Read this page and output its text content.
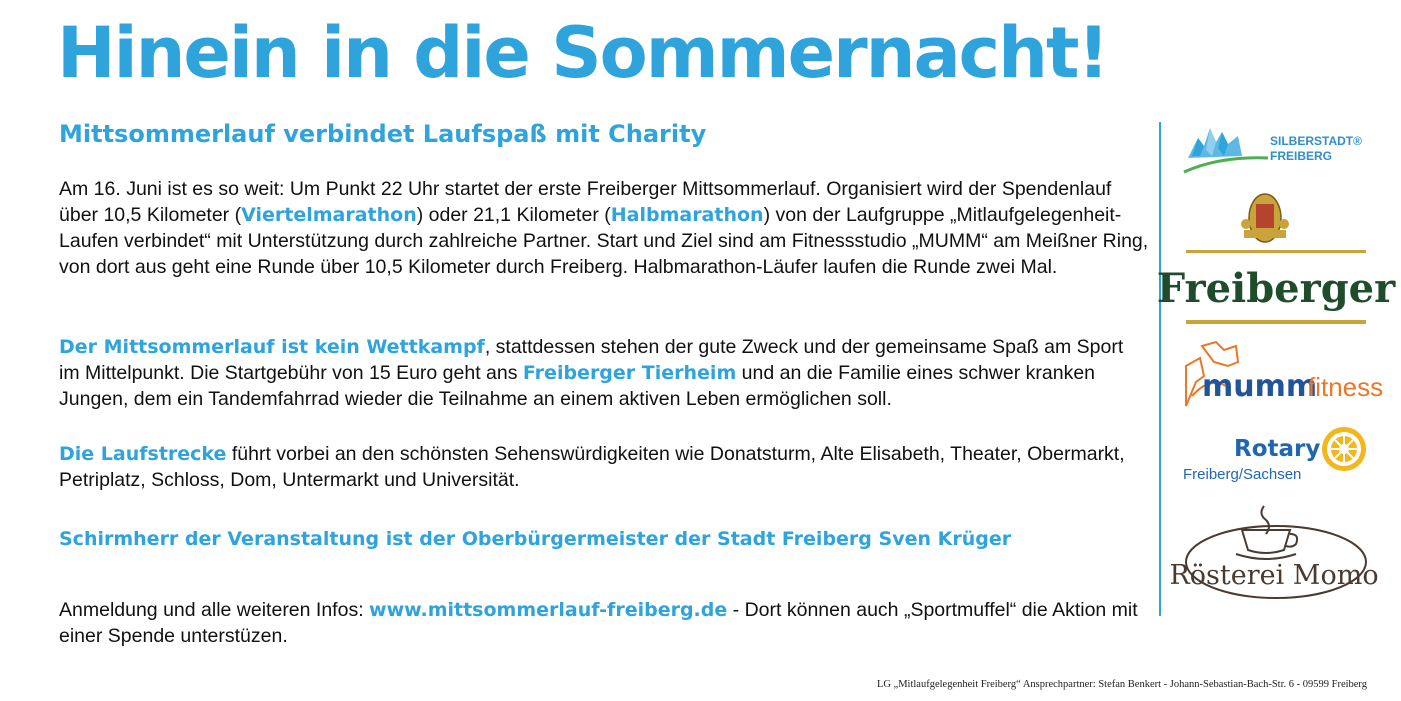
Hinein in die Sommernacht!
Mittsommerlauf verbindet Laufspaß mit Charity

Am 16. Juni ist es so weit: Um Punkt 22 Uhr startet der erste Freiberger Mittsommerlauf. Organisiert wird der Spendenlauf über 10,5 Kilometer (Viertelmarathon) oder 21,1 Kilometer (Halbmarathon) von der Laufgruppe „Mitlaufgelegenheit-Laufen verbindet“ mit Unterstützung durch zahlreiche Partner. Start und Ziel sind am Fitnessstudio „MUMM“ am Meißner Ring, von dort aus geht eine Runde über 10,5 Kilometer durch Freiberg. Halbmarathon-Läufer laufen die Runde zwei Mal.

Der Mittsommerlauf ist kein Wettkampf, stattdessen stehen der gute Zweck und der gemeinsame Spaß am Sport im Mittelpunkt. Die Startgebühr von 15 Euro geht ans Freiberger Tierheim und an die Familie eines schwer kranken Jungen, dem ein Tandemfahrrad wieder die Teilnahme an einem aktiven Leben ermöglichen soll.

Die Laufstrecke führt vorbei an den schönsten Sehenswürdigkeiten wie Donatsturm, Alte Elisabeth, Theater, Obermarkt, Petriplatz, Schloss, Dom, Untermarkt und Universität.

Schirmherr der Veranstaltung ist der Oberbürgermeister der Stadt Freiberg Sven Krüger

Anmeldung und alle weiteren Infos: www.mittsommerlauf-freiberg.de - Dort können auch „Sportmuffel“ die Aktion mit einer Spende unterstüzen.

LG „Mitlaufgelegenheit Freiberg“ Ansprechpartner: Stefan Benkert - Johann-Sebastian-Bach-Str. 6 - 09599 Freiberg
SILBERSTADT®
FREIBERG
Freiberger
mumm
fitness
Rotary
Freiberg/Sachsen
Rösterei Momo
